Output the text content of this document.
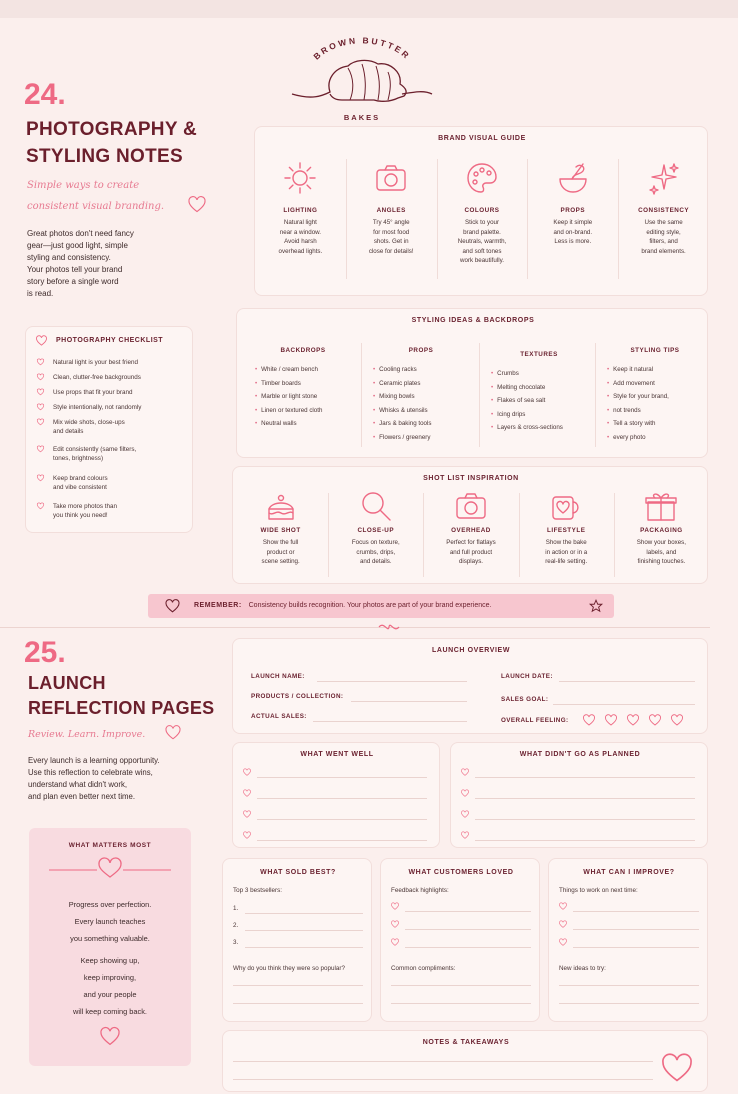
BROWN BUTTER
BAKES
24.
PHOTOGRAPHY &
STYLING NOTES
Simple ways to create
consistent visual branding.
Great photos don't need fancy
gear—just good light, simple
styling and consistency.
Your photos tell your brand
story before a single word
is read.
PHOTOGRAPHY CHECKLIST
Natural light is your best friend
Clean, clutter-free backgrounds
Use props that fit your brand
Style intentionally, not randomly
Mix wide shots, close-ups
and details
Edit consistently (same filters,
tones, brightness)
Keep brand colours
and vibe consistent
Take more photos than
you think you need!
BRAND VISUAL GUIDE
LIGHTING
Natural light
near a window.
Avoid harsh
overhead lights.
ANGLES
Try 45° angle
for most food
shots. Get in
close for details!
COLOURS
Stick to your
brand palette.
Neutrals, warmth,
and soft tones
work beautifully.
PROPS
Keep it simple
and on-brand.
Less is more.
CONSISTENCY
Use the same
editing style,
filters, and
brand elements.
STYLING IDEAS & BACKDROPS
BACKDROPS
• White / cream bench
• Timber boards
• Marble or light stone
• Linen or textured cloth
• Neutral walls
PROPS
• Cooling racks
• Ceramic plates
• Mixing bowls
• Whisks & utensils
• Jars & baking tools
• Flowers / greenery
TEXTURES
• Crumbs
• Melting chocolate
• Flakes of sea salt
• Icing drips
• Layers & cross-sections
STYLING TIPS
• Keep it natural
• Add movement
• Style for your brand,
• not trends
• Tell a story with
• every photo
SHOT LIST INSPIRATION
WIDE SHOT
Show the full
product or
scene setting.
CLOSE-UP
Focus on texture,
crumbs, drips,
and details.
OVERHEAD
Perfect for flatlays
and full product
displays.
LIFESTYLE
Show the bake
in action or in a
real-life setting.
PACKAGING
Show your boxes,
labels, and
finishing touches.
REMEMBER: Consistency builds recognition. Your photos are part of your brand experience.
25.
LAUNCH
REFLECTION PAGES
Review. Learn. Improve.
Every launch is a learning opportunity.
Use this reflection to celebrate wins,
understand what didn't work,
and plan even better next time.
WHAT MATTERS MOST
Progress over perfection.
Every launch teaches
you something valuable.
Keep showing up,
keep improving,
and your people
will keep coming back.
LAUNCH OVERVIEW
LAUNCH NAME:
PRODUCTS / COLLECTION:
ACTUAL SALES:
LAUNCH DATE:
SALES GOAL:
OVERALL FEELING:
WHAT WENT WELL	WHAT DIDN'T GO AS PLANNED
WHAT SOLD BEST?
Top 3 bestsellers:
1.
2.
3.
Why do you think they were so popular?
WHAT CUSTOMERS LOVED
Feedback highlights:
Common compliments:
WHAT CAN I IMPROVE?
Things to work on next time:
New ideas to try:
NOTES & TAKEAWAYS
